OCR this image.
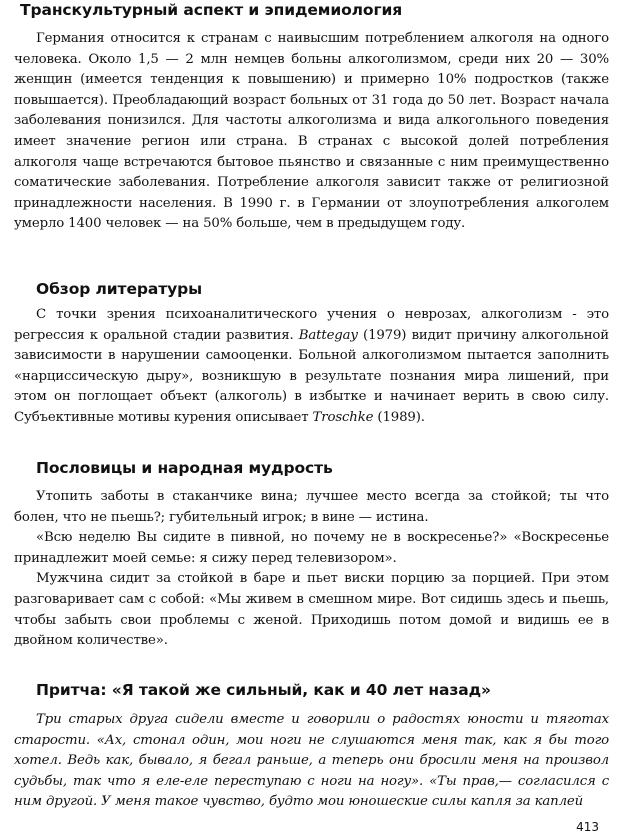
Транскультурный аспект и эпидемиология

Германия относится к странам с наивысшим потреблением алкоголя на одного человека. Около 1,5 — 2 млн немцев больны алкоголизмом, среди них 20 — 30% женщин (имеется тенденция к повышению) и примерно 10% подростков (также повышается). Преобладающий возраст больных от 31 года до 50 лет. Возраст начала заболевания понизился. Для частоты алкоголизма и вида алкогольного поведения имеет значение регион или страна. В странах с высокой долей потребления алкоголя чаще встречаются бытовое пьянство и связанные с ним преимущественно соматические заболевания. Потребление алкоголя зависит также от религиозной принадлежности населения. В 1990 г. в Германии от злоупотребления алкоголем умерло 1400 человек — на 50% больше, чем в предыдущем году.

Обзор литературы

С точки зрения психоаналитического учения о неврозах, алкоголизм - это регрессия к оральной стадии развития. Battegay (1979) видит причину алкогольной зависимости в нарушении самооценки. Больной алкоголизмом пытается заполнить «нарциссическую дыру», возникшую в результате познания мира лишений, при этом он поглощает объект (алкоголь) в избытке и начинает верить в свою силу. Субъективные мотивы курения описывает Troschke (1989).

Пословицы и народная мудрость

Утопить заботы в стаканчике вина; лучшее место всегда за стойкой; ты что болен, что не пьешь?; губительный игрок; в вине — истина.

«Всю неделю Вы сидите в пивной, но почему не в воскресенье?» «Воскресенье принадлежит моей семье: я сижу перед телевизором».

Мужчина сидит за стойкой в баре и пьет виски порцию за порцией. При этом разговаривает сам с собой: «Мы живем в смешном мире. Вот сидишь здесь и пьешь, чтобы забыть свои проблемы с женой. Приходишь потом домой и видишь ее в двойном количестве».

Притча: «Я такой же сильный, как и 40 лет назад»

Три старых друга сидели вместе и говорили о радостях юности и тяготах старости. «Ах, стонал один, мои ноги не слушаются меня так, как я бы того хотел. Ведь как, бывало, я бегал раньше, а теперь они бросили меня на произвол судьбы, так что я еле-еле переступаю с ноги на ногу». «Ты прав,— согласился с ним другой. У меня такое чувство, будто мои юношеские силы капля за каплей

413
